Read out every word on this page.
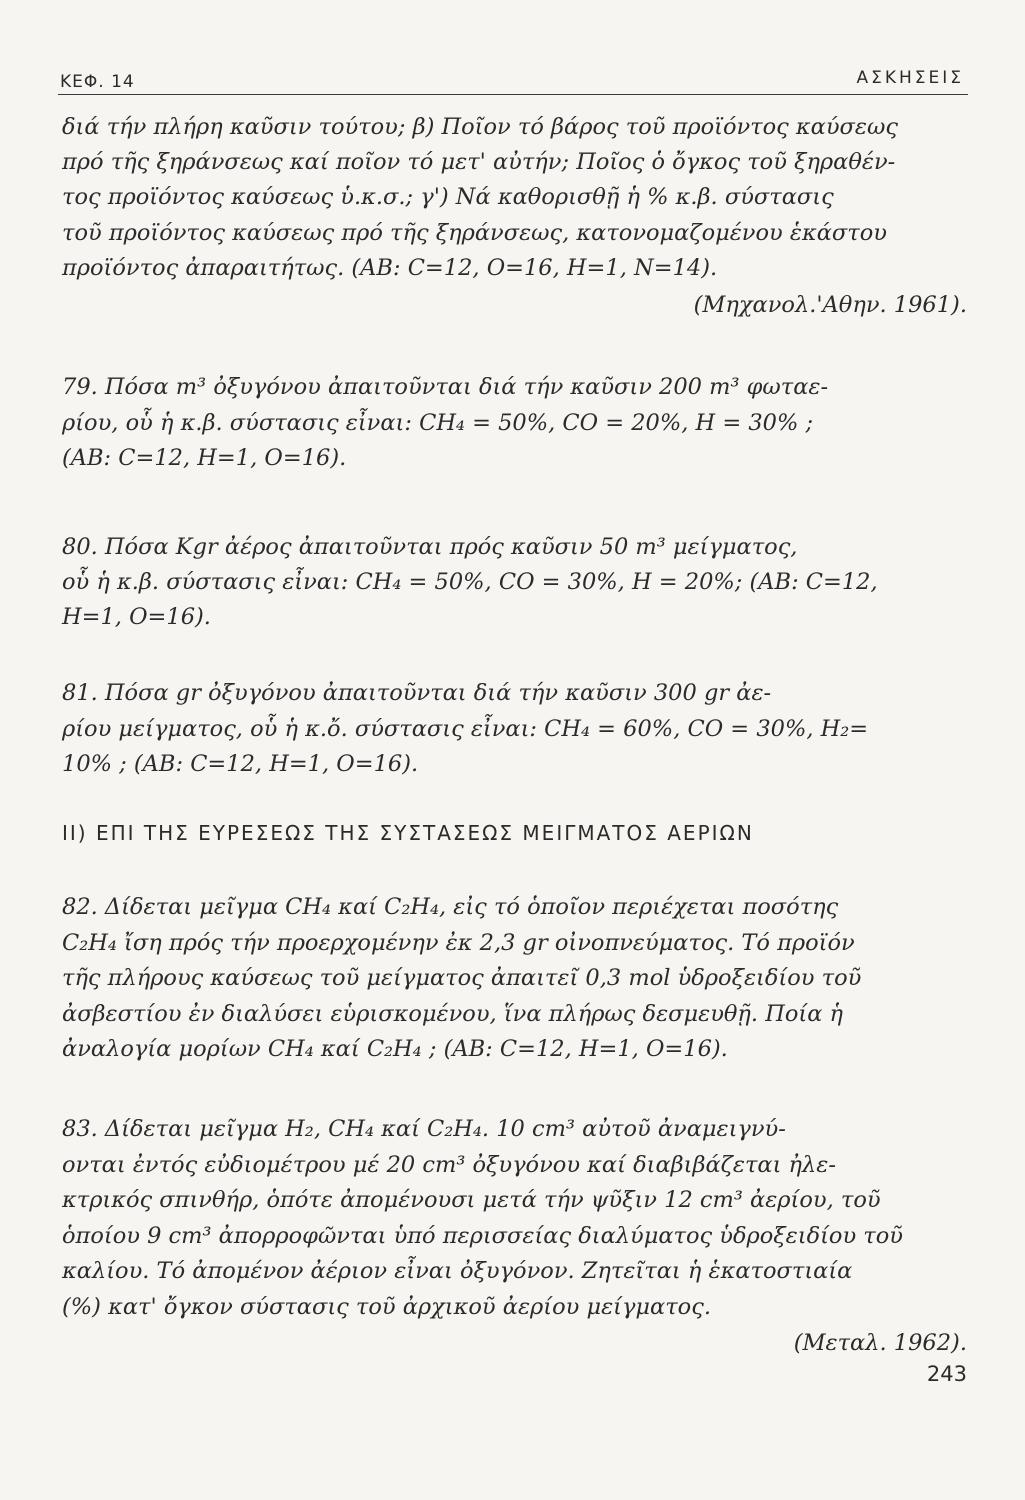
ΚΕΦ. 14	ΑΣΚΗΣΕΙΣ
διά τήν πλήρη καῦσιν τούτου; β) Ποῖον τό βάρος τοῦ προϊόντος καύσεως
πρό τῆς ξηράνσεως καί ποῖον τό μετ' αὐτήν; Ποῖος ὁ ὄγκος τοῦ ξηραθέν-
τος προϊόντος καύσεως ὑ.κ.σ.; γ') Νά καθορισθῇ ἡ % κ.β. σύστασις
τοῦ προϊόντος καύσεως πρό τῆς ξηράνσεως, κατονομαζομένου ἑκάστου
προϊόντος ἀπαραιτήτως. (ΑΒ: C=12, O=16, H=1, N=14).
(Μηχανολ.'Αθην. 1961).
79. Πόσα m³ ὀξυγόνου ἀπαιτοῦνται διά τήν καῦσιν 200 m³ φωταε-
ρίου, οὗ ἡ κ.β. σύστασις εἶναι: CH₄ = 50%, CO = 20%, H = 30% ;
(ΑΒ: C=12, H=1, O=16).
80. Πόσα Kgr ἀέρος ἀπαιτοῦνται πρός καῦσιν 50 m³ μείγματος,
οὗ ἡ κ.β. σύστασις εἶναι: CH₄ = 50%, CO = 30%, H = 20%; (ΑΒ: C=12,
H=1, O=16).
81. Πόσα gr ὀξυγόνου ἀπαιτοῦνται διά τήν καῦσιν 300 gr ἀε-
ρίου μείγματος, οὗ ἡ κ.ὄ. σύστασις εἶναι: CH₄ = 60%, CO = 30%, H₂=
10% ; (ΑΒ: C=12, H=1, O=16).
II) ΕΠΙ ΤΗΣ ΕΥΡΕΣΕΩΣ ΤΗΣ ΣΥΣΤΑΣΕΩΣ ΜΕΙΓΜΑΤΟΣ ΑΕΡΙΩΝ
82. Δίδεται μεῖγμα CH₄ καί C₂H₄, εἰς τό ὁποῖον περιέχεται ποσότης
C₂H₄ ἴση πρός τήν προερχομένην ἐκ 2,3 gr οἰνοπνεύματος. Τό προϊόν
τῆς πλήρους καύσεως τοῦ μείγματος ἀπαιτεῖ 0,3 mol ὑδροξειδίου τοῦ
ἀσβεστίου ἐν διαλύσει εὑρισκομένου, ἵνα πλήρως δεσμευθῇ. Ποία ἡ
ἀναλογία μορίων CH₄ καί C₂H₄ ; (ΑΒ: C=12, H=1, O=16).
83. Δίδεται μεῖγμα H₂, CH₄ καί C₂H₄. 10 cm³ αὐτοῦ ἀναμειγνύ-
ονται ἐντός εὐδιομέτρου μέ 20 cm³ ὀξυγόνου καί διαβιβάζεται ἠλε-
κτρικός σπινθήρ, ὁπότε ἀπομένουσι μετά τήν ψῦξιν 12 cm³ ἀερίου, τοῦ
ὁποίου 9 cm³ ἀπορροφῶνται ὑπό περισσείας διαλύματος ὑδροξειδίου τοῦ
καλίου. Τό ἀπομένον ἀέριον εἶναι ὀξυγόνον. Ζητεῖται ἡ ἑκατοστιαία
(%) κατ' ὄγκον σύστασις τοῦ ἀρχικοῦ ἀερίου μείγματος.
(Μεταλ. 1962).
243
